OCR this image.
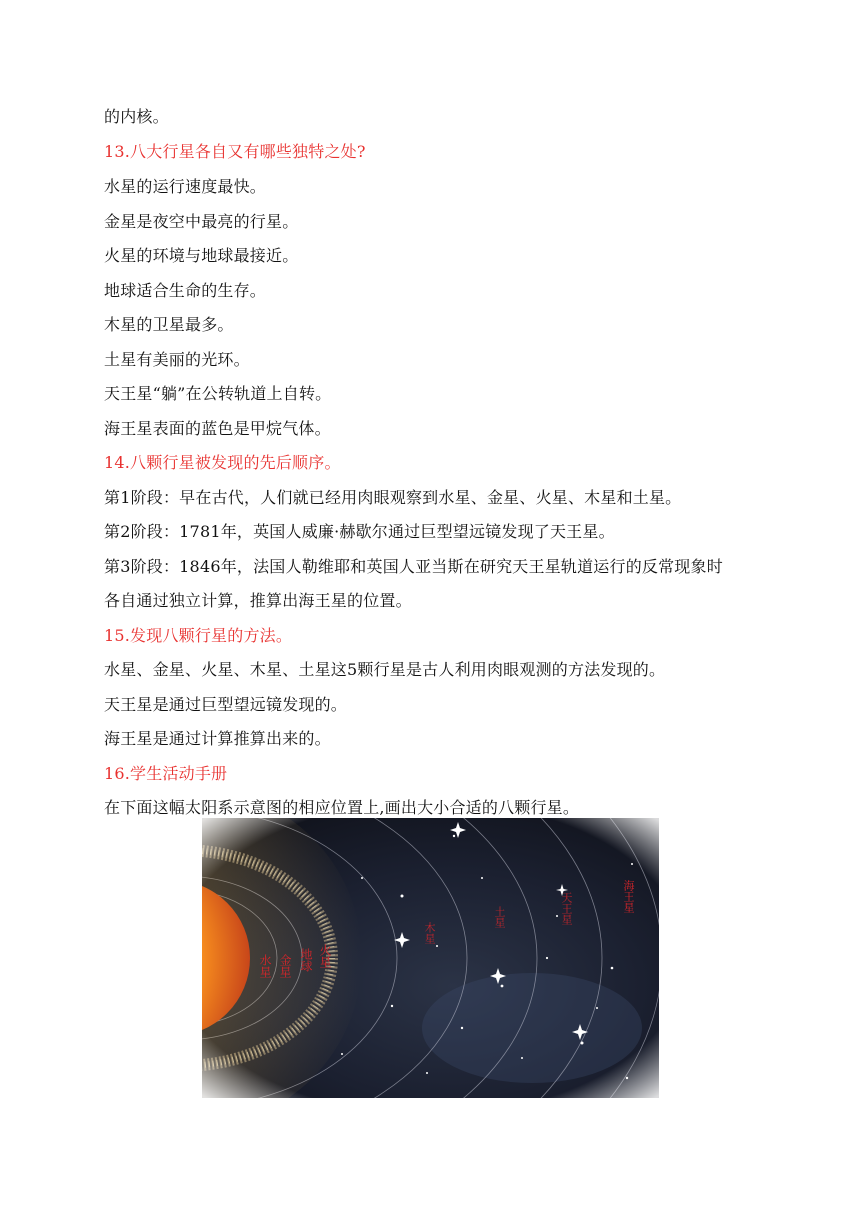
的内核。
13.八大行星各自又有哪些独特之处?
水星的运行速度最快。
金星是夜空中最亮的行星。
火星的环境与地球最接近。
地球适合生命的生存。
木星的卫星最多。
土星有美丽的光环。
天王星“躺”在公转轨道上自转。
海王星表面的蓝色是甲烷气体。
14.八颗行星被发现的先后顺序。
第1阶段：早在古代，人们就已经用肉眼观察到水星、金星、火星、木星和土星。
第2阶段：1781年，英国人威廉·赫歇尔通过巨型望远镜发现了天王星。
第3阶段：1846年，法国人勒维耶和英国人亚当斯在研究天王星轨道运行的反常现象时
各自通过独立计算，推算出海王星的位置。
15.发现八颗行星的方法。
水星、金星、火星、木星、土星这5颗行星是古人利用肉眼观测的方法发现的。
天王星是通过巨型望远镜发现的。
海王星是通过计算推算出来的。
16.学生活动手册
在下面这幅太阳系示意图的相应位置上,画出大小合适的八颗行星。
水星 金星 地球 火星
木星
土星	天王星	海王星
